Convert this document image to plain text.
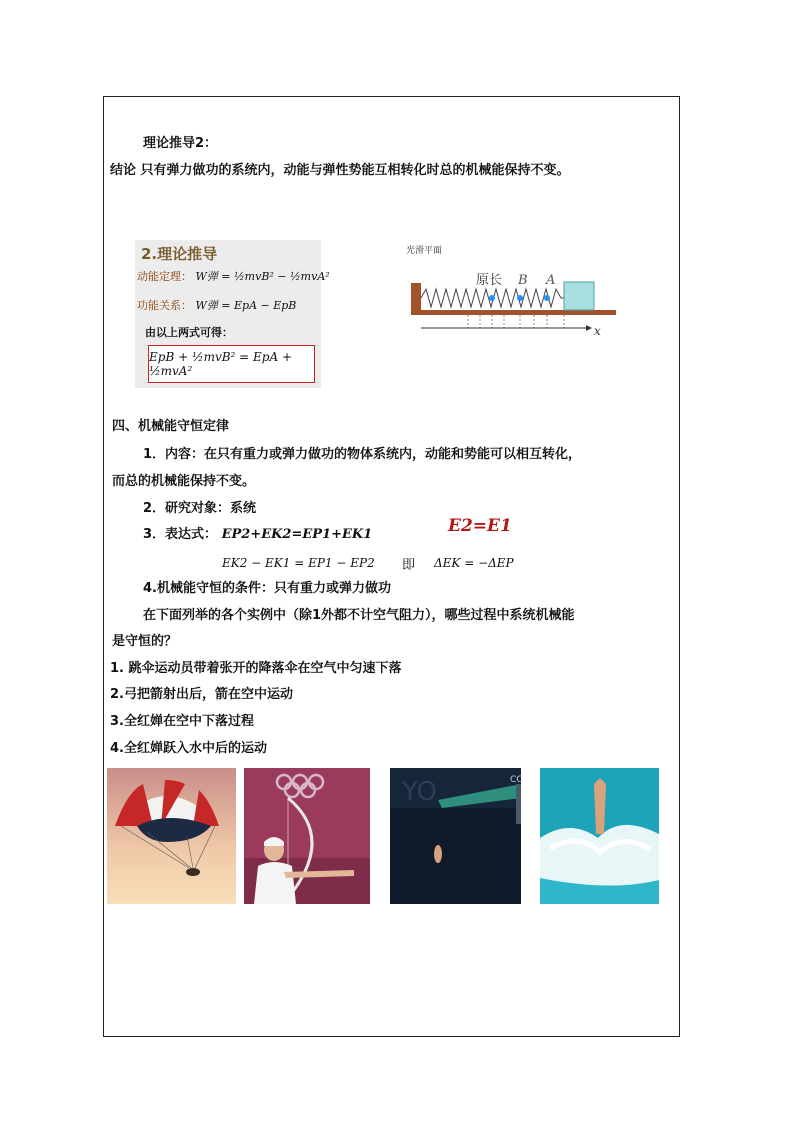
理论推导2：
结论 只有弹力做功的系统内，动能与弹性势能互相转化时总的机械能保持不变。
2.理论推导
动能定理： W弹 = ½mvB² − ½mvA²
功能关系： W弹 = EpA − EpB
由以上两式可得：
EpB + ½mvB² = EpA + ½mvA²
光滑平面
原长 B A
x
四、机械能守恒定律
1．内容：在只有重力或弹力做功的物体系统内，动能和势能可以相互转化，
而总的机械能保持不变。
2．研究对象：系统
3．表达式： EP2+EK2=EP1+EK1	E2=E1
EK2 − EK1 = EP1 − EP2 即 ΔEK = −ΔEP
4.机械能守恒的条件：只有重力或弹力做功
在下面列举的各个实例中（除1外都不计空气阻力），哪些过程中系统机械能
是守恒的？
1. 跳伞运动员带着张开的降落伞在空气中匀速下落
2.弓把箭射出后，箭在空中运动
3.全红婵在空中下落过程
4.全红婵跃入水中后的运动
YO	CC
